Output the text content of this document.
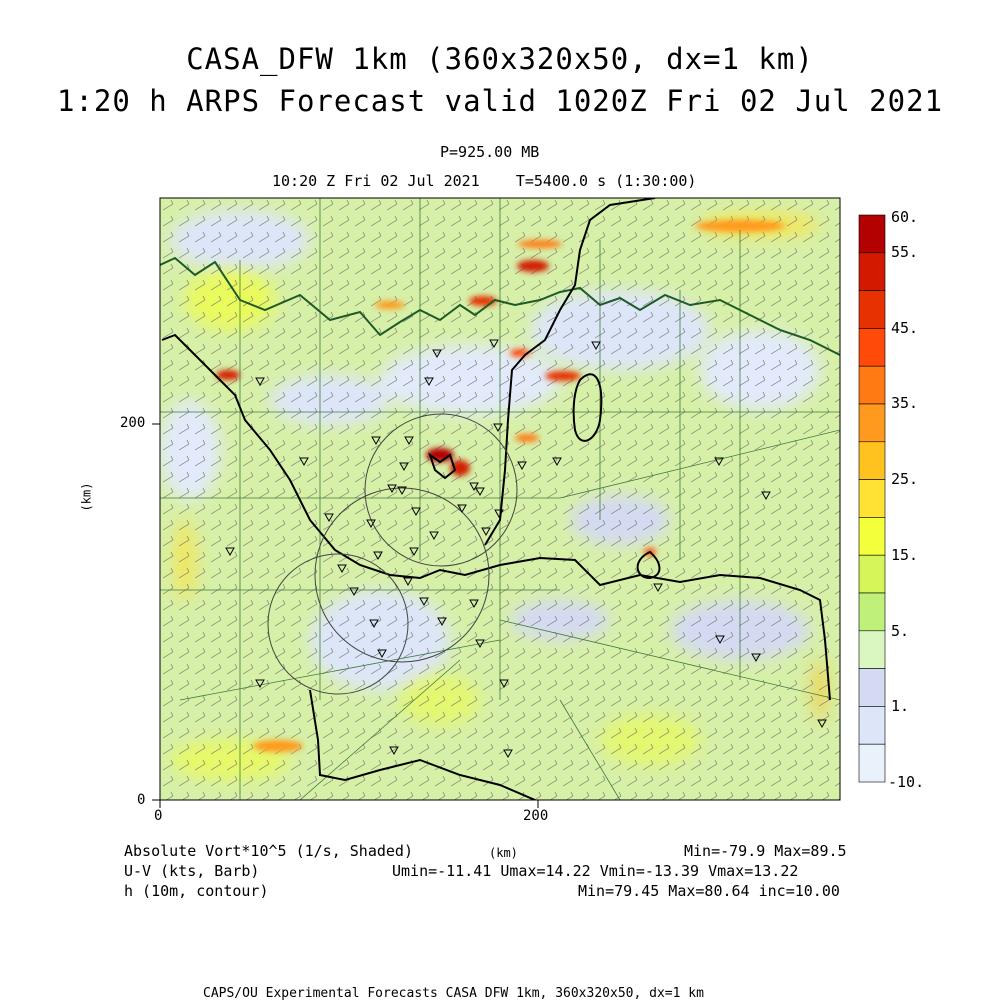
CASA_DFW 1km (360x320x50, dx=1 km)
1:20 h ARPS Forecast valid 1020Z Fri 02 Jul 2021
P=925.00 MB
10:20 Z Fri 02 Jul 2021    T=5400.0 s (1:30:00)
200
0
0	200
(km)
(km)
60.
55.
45.
35.
25.
15.
5.
1.
-10.
Absolute Vort*10^5 (1/s, Shaded)	Min=-79.9 Max=89.5
U-V (kts, Barb)	Umin=-11.41 Umax=14.22 Vmin=-13.39 Vmax=13.22
h (10m, contour)	Min=79.45 Max=80.64 inc=10.00
CAPS/OU Experimental Forecasts CASA DFW 1km, 360x320x50, dx=1 km
